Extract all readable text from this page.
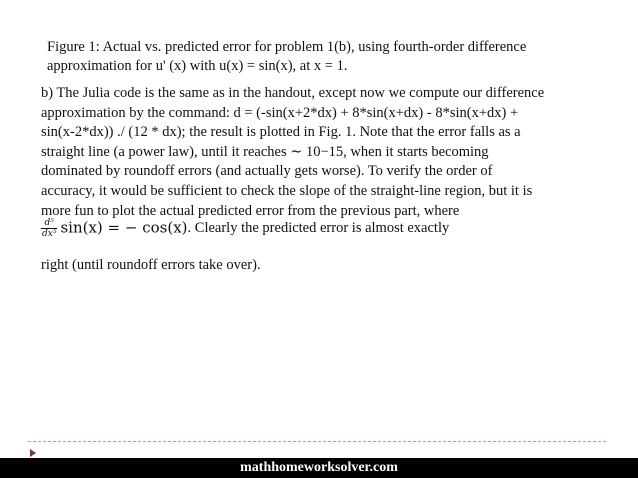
Figure 1: Actual vs. predicted error for problem 1(b), using fourth-order difference
approximation for u' (x) with u(x) = sin(x), at x = 1.
b) The Julia code is the same as in the handout, except now we compute our difference
approximation by the command: d = (-sin(x+2*dx) + 8*sin(x+dx) - 8*sin(x+dx) +
sin(x-2*dx)) ./ (12 * dx); the result is plotted in Fig. 1. Note that the error falls as a
straight line (a power law), until it reaches ∼ 10−15, when it starts becoming
dominated by roundoff errors (and actually gets worse). To verify the order of
accuracy, it would be sufficient to check the slope of the straight-line region, but it is
more fun to plot the actual predicted error from the previous part, where
$\frac{\text{d⁵}}{\text{dx⁵}} \sin(x)$ = − cos(x). Clearly the predicted error is almost exactly
right (until roundoff errors take over).
mathhomeworksolver.com
